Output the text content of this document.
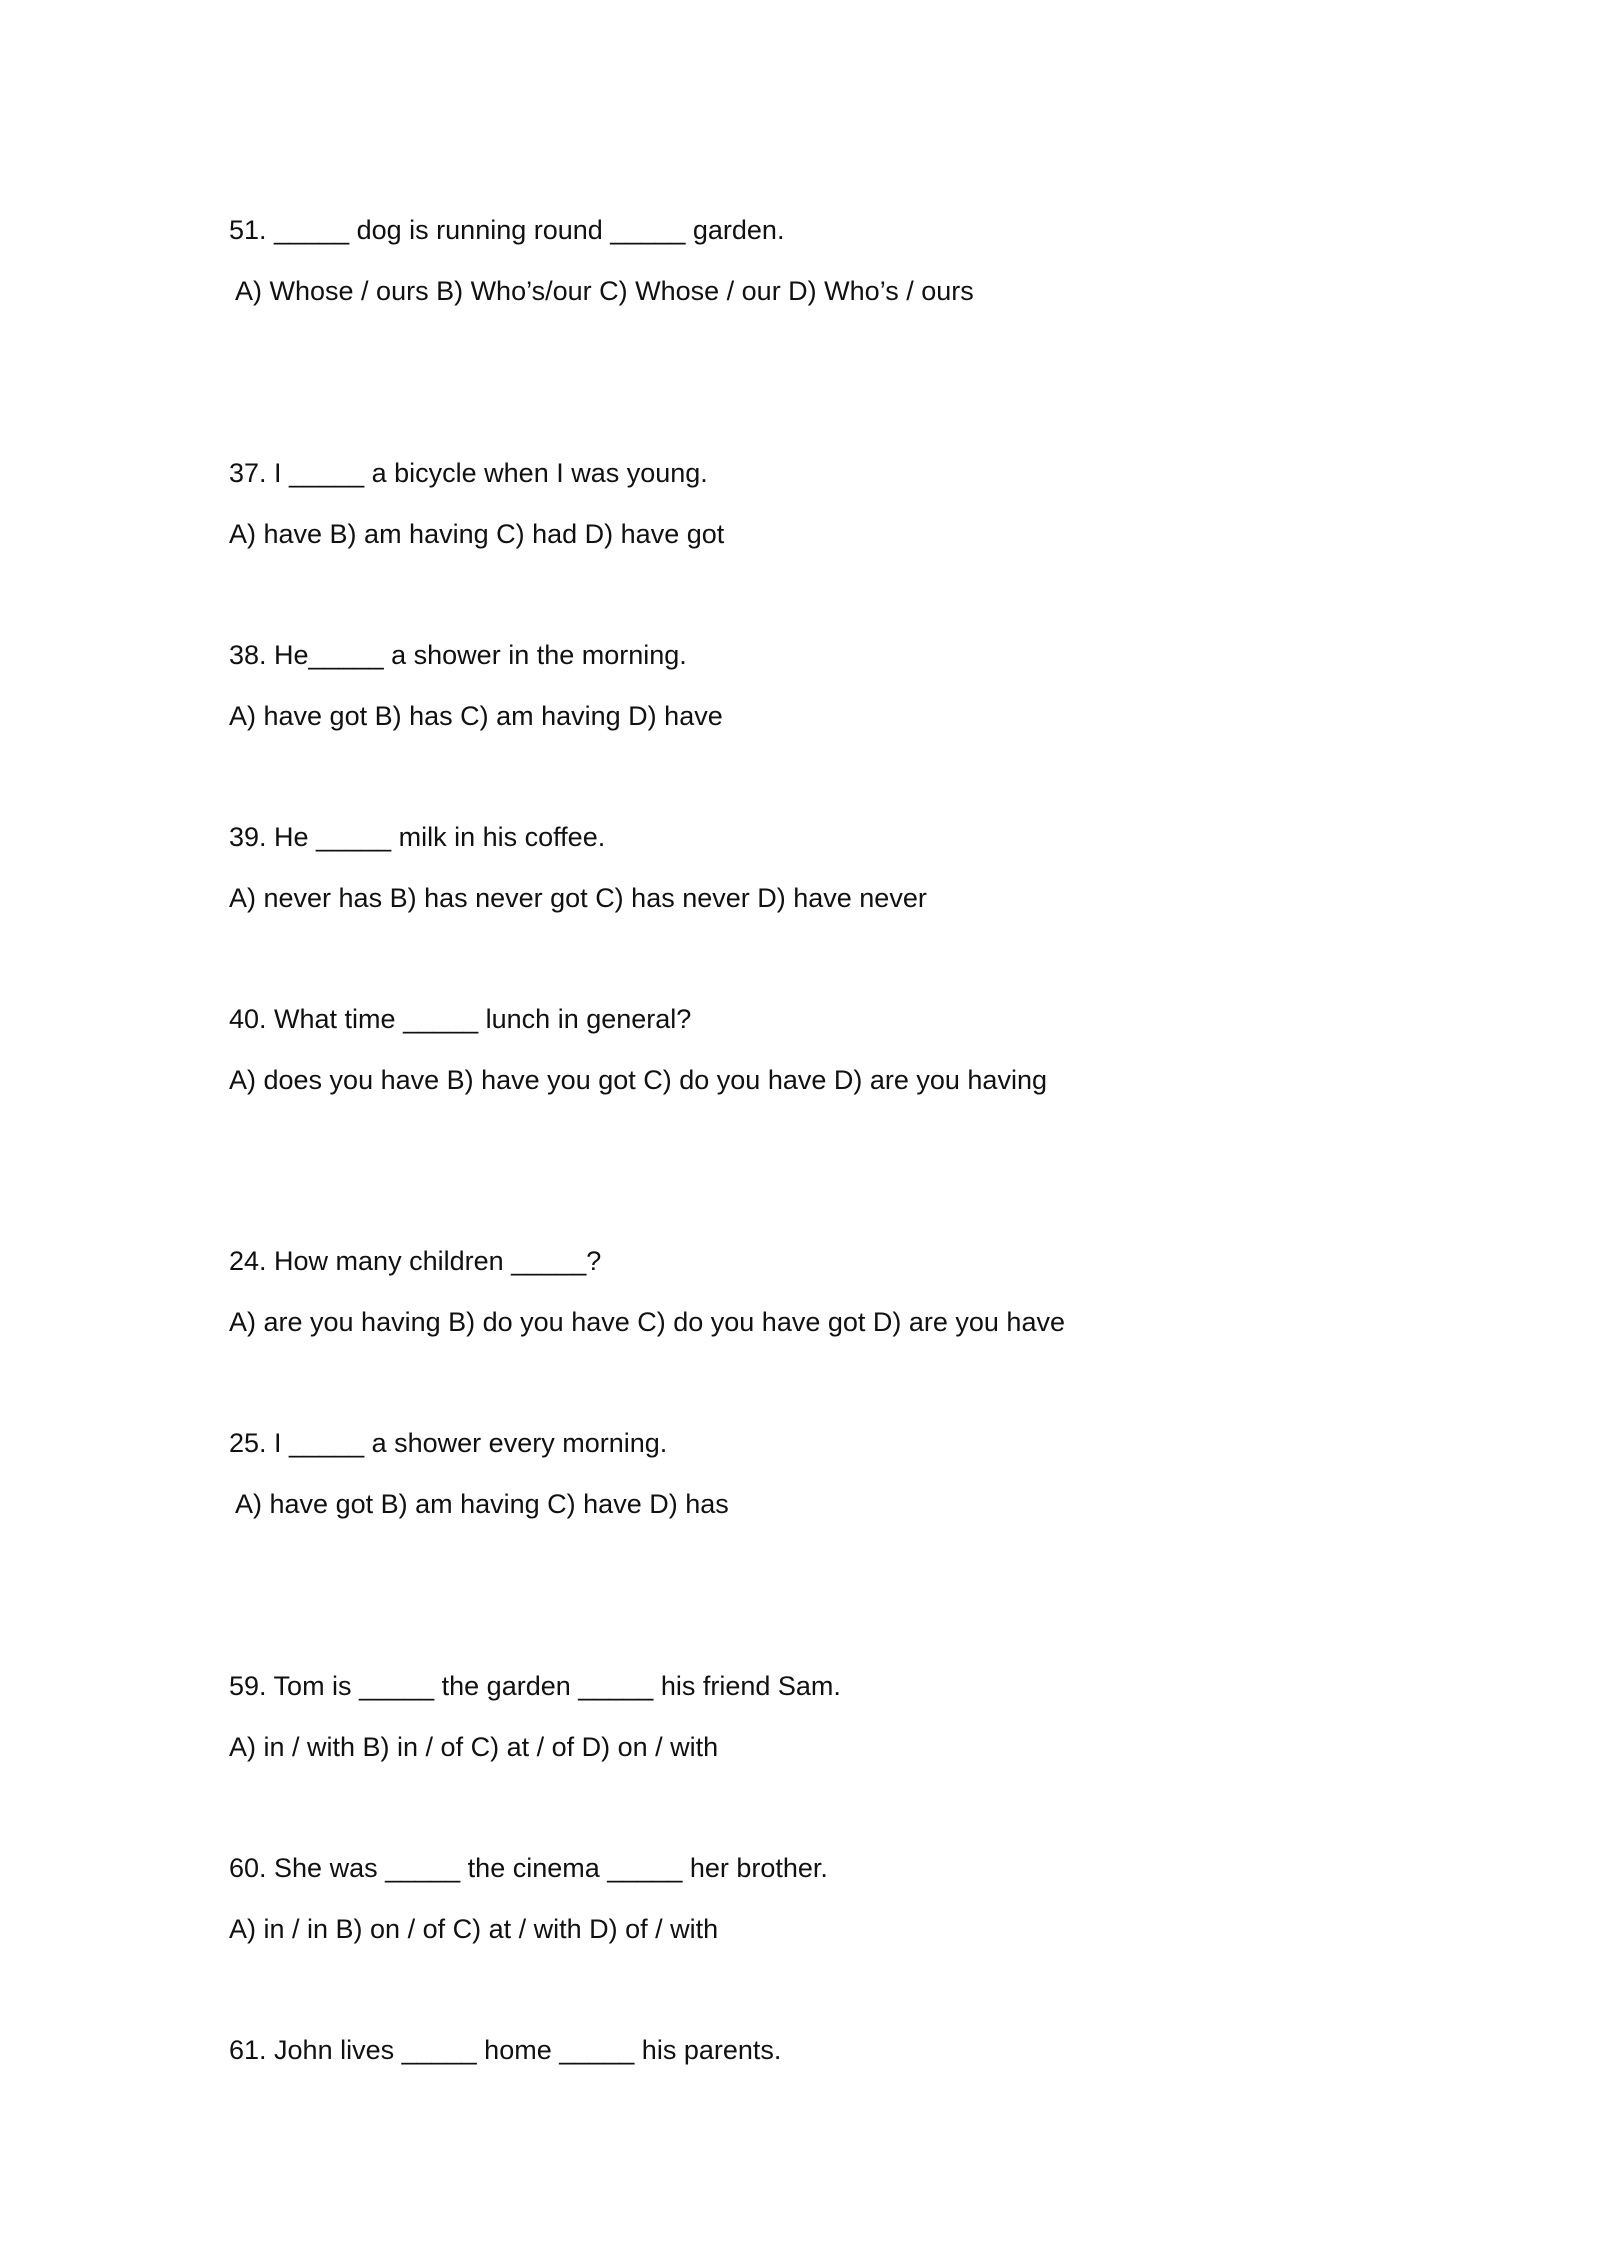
51. _____ dog is running round _____ garden.
A) Whose / ours B) Who’s/our C) Whose / our D) Who’s / ours
37. I _____ a bicycle when I was young.
A) have B) am having C) had D) have got
38. He_____ a shower in the morning.
A) have got B) has C) am having D) have
39. He _____ milk in his coffee.
A) never has B) has never got C) has never D) have never
40. What time _____ lunch in general?
A) does you have B) have you got C) do you have D) are you having
24. How many children _____?
A) are you having B) do you have C) do you have got D) are you have
25. I _____ a shower every morning.
A) have got B) am having C) have D) has
59. Tom is _____ the garden _____ his friend Sam.
A) in / with B) in / of C) at / of D) on / with
60. She was _____ the cinema _____ her brother.
A) in / in B) on / of C) at / with D) of / with
61. John lives _____ home _____ his parents.
